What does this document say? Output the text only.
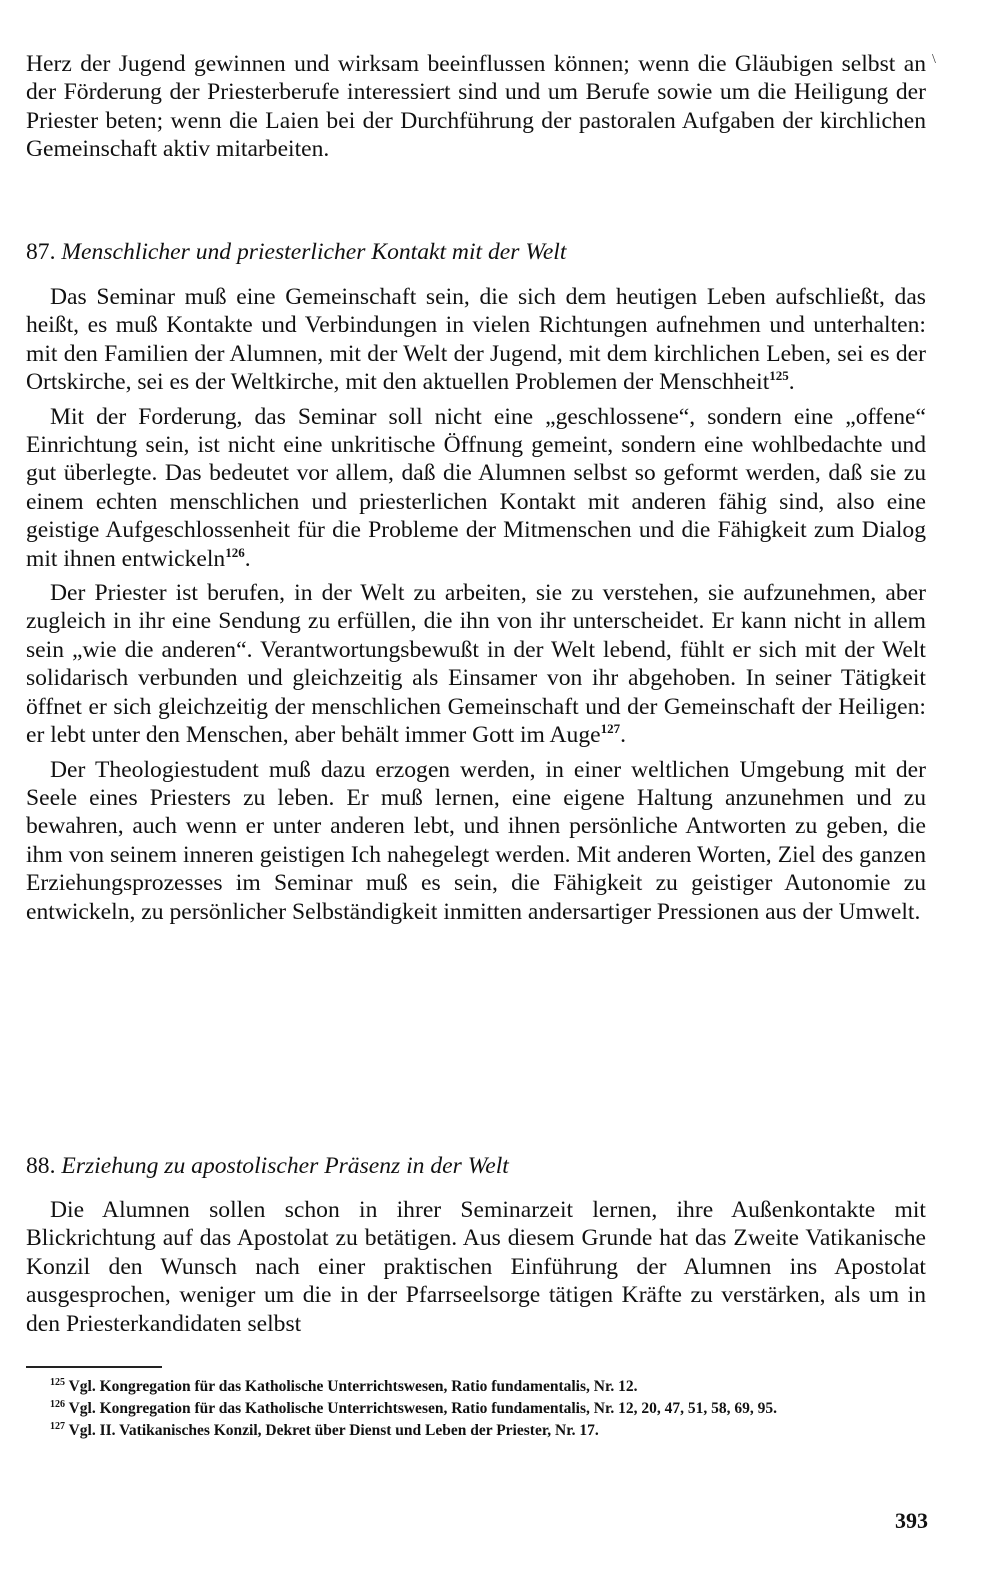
\

Herz der Jugend gewinnen und wirksam beeinflussen können; wenn die Gläubigen selbst an der Förderung der Priesterberufe interessiert sind und um Berufe sowie um die Heiligung der Priester beten; wenn die Laien bei der Durchführung der pastoralen Aufgaben der kirchlichen Gemeinschaft aktiv mitarbeiten.

87. Menschlicher und priesterlicher Kontakt mit der Welt

Das Seminar muß eine Gemeinschaft sein, die sich dem heutigen Leben aufschließt, das heißt, es muß Kontakte und Verbindungen in vielen Richtungen aufnehmen und unterhalten: mit den Familien der Alumnen, mit der Welt der Jugend, mit dem kirchlichen Leben, sei es der Ortskirche, sei es der Weltkirche, mit den aktuellen Problemen der Menschheit$^{125}$.

Mit der Forderung, das Seminar soll nicht eine „geschlossene“, sondern eine „offene“ Einrichtung sein, ist nicht eine unkritische Öffnung gemeint, sondern eine wohlbedachte und gut überlegte. Das bedeutet vor allem, daß die Alumnen selbst so geformt werden, daß sie zu einem echten menschlichen und priesterlichen Kontakt mit anderen fähig sind, also eine geistige Aufgeschlossenheit für die Probleme der Mitmenschen und die Fähigkeit zum Dialog mit ihnen entwickeln$^{126}$.

Der Priester ist berufen, in der Welt zu arbeiten, sie zu verstehen, sie aufzunehmen, aber zugleich in ihr eine Sendung zu erfüllen, die ihn von ihr unterscheidet. Er kann nicht in allem sein „wie die anderen“. Verantwortungsbewußt in der Welt lebend, fühlt er sich mit der Welt solidarisch verbunden und gleichzeitig als Einsamer von ihr abgehoben. In seiner Tätigkeit öffnet er sich gleichzeitig der menschlichen Gemeinschaft und der Gemeinschaft der Heiligen: er lebt unter den Menschen, aber behält immer Gott im Auge$^{127}$.

Der Theologiestudent muß dazu erzogen werden, in einer weltlichen Umgebung mit der Seele eines Priesters zu leben. Er muß lernen, eine eigene Haltung anzunehmen und zu bewahren, auch wenn er unter anderen lebt, und ihnen persönliche Antworten zu geben, die ihm von seinem inneren geistigen Ich nahegelegt werden. Mit anderen Worten, Ziel des ganzen Erziehungsprozesses im Seminar muß es sein, die Fähigkeit zu geistiger Autonomie zu entwickeln, zu persönlicher Selbständigkeit inmitten andersartiger Pressionen aus der Umwelt.

88. Erziehung zu apostolischer Präsenz in der Welt

Die Alumnen sollen schon in ihrer Seminarzeit lernen, ihre Außenkontakte mit Blickrichtung auf das Apostolat zu betätigen. Aus diesem Grunde hat das Zweite Vatikanische Konzil den Wunsch nach einer praktischen Einführung der Alumnen ins Apostolat ausgesprochen, weniger um die in der Pfarrseelsorge tätigen Kräfte zu verstärken, als um in den Priesterkandidaten selbst

$^{125}$ Vgl. Kongregation für das Katholische Unterrichtswesen, Ratio fundamentalis, Nr. 12.

$^{126}$ Vgl. Kongregation für das Katholische Unterrichtswesen, Ratio fundamentalis, Nr. 12, 20, 47, 51, 58, 69, 95.

$^{127}$ Vgl. II. Vatikanisches Konzil, Dekret über Dienst und Leben der Priester, Nr. 17.

393
